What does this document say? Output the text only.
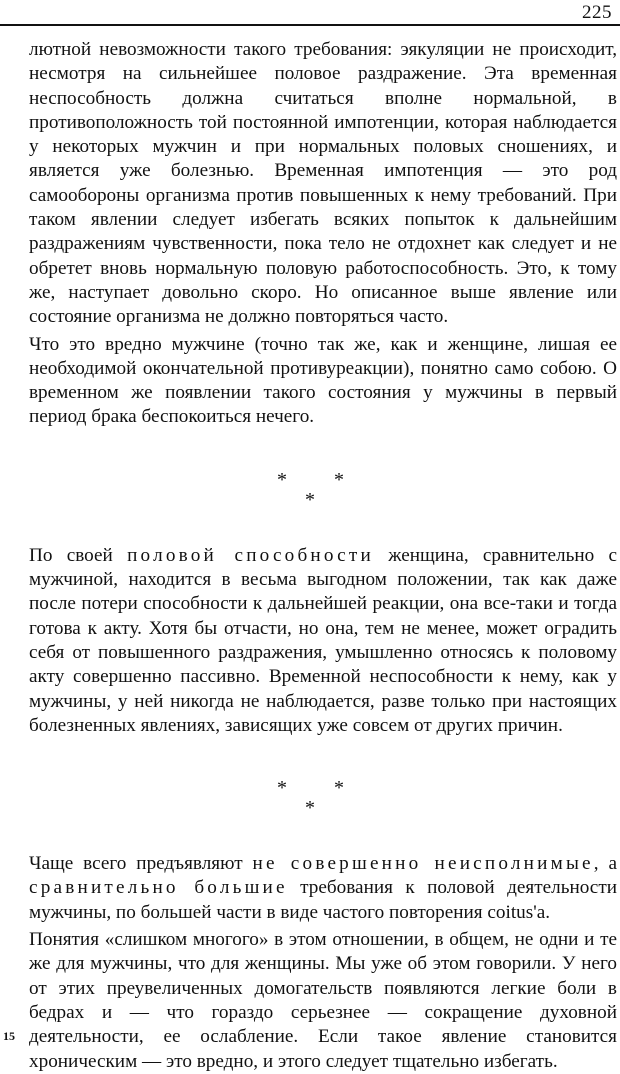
225

лютной невозможности такого требования: эякуляции не происходит, несмотря на сильнейшее половое раздражение. Эта временная неспособность должна считаться вполне нормальной, в противоположность той постоянной импотенции, которая наблюдается у некоторых мужчин и при нормальных половых сношениях, и является уже болезнью. Временная импотенция — это род самообороны организма против повышенных к нему требований. При таком явлении следует избегать всяких попыток к дальнейшим раздражениям чувственности, пока тело не отдохнет как следует и не обретет вновь нормальную половую работоспособность. Это, к тому же, наступает довольно скоро. Но описанное выше явление или состояние организма не должно повторяться часто.

Что это вредно мужчине (точно так же, как и женщине, лишая ее необходимой окончательной противуреакции), понятно само собою. О временном же появлении такого состояния у мужчины в первый период брака беспокоиться нечего.

* *
*

По своей половой способности женщина, сравнительно с мужчиной, находится в весьма выгодном положении, так как даже после потери способности к дальнейшей реакции, она все-таки и тогда готова к акту. Хотя бы отчасти, но она, тем не менее, может оградить себя от повышенного раздражения, умышленно относясь к половому акту совершенно пассивно. Временной неспособности к нему, как у мужчины, у ней никогда не наблюдается, разве только при настоящих болезненных явлениях, зависящих уже совсем от других причин.

* *
*

Чаще всего предъявляют не совершенно неисполнимые, а сравнительно большие требования к половой деятельности мужчины, по большей части в виде частого повторения coitus'а.

Понятия «слишком многого» в этом отношении, в общем, не одни и те же для мужчины, что для женщины. Мы уже об этом говорили. У него от этих преувеличенных домогательств появляются легкие боли в бедрах и — что гораздо серьезнее — сокращение духовной деятельности, ее ослабление. Если такое явление становится хроническим — это вредно, и этого следует тщательно избегать.

15
